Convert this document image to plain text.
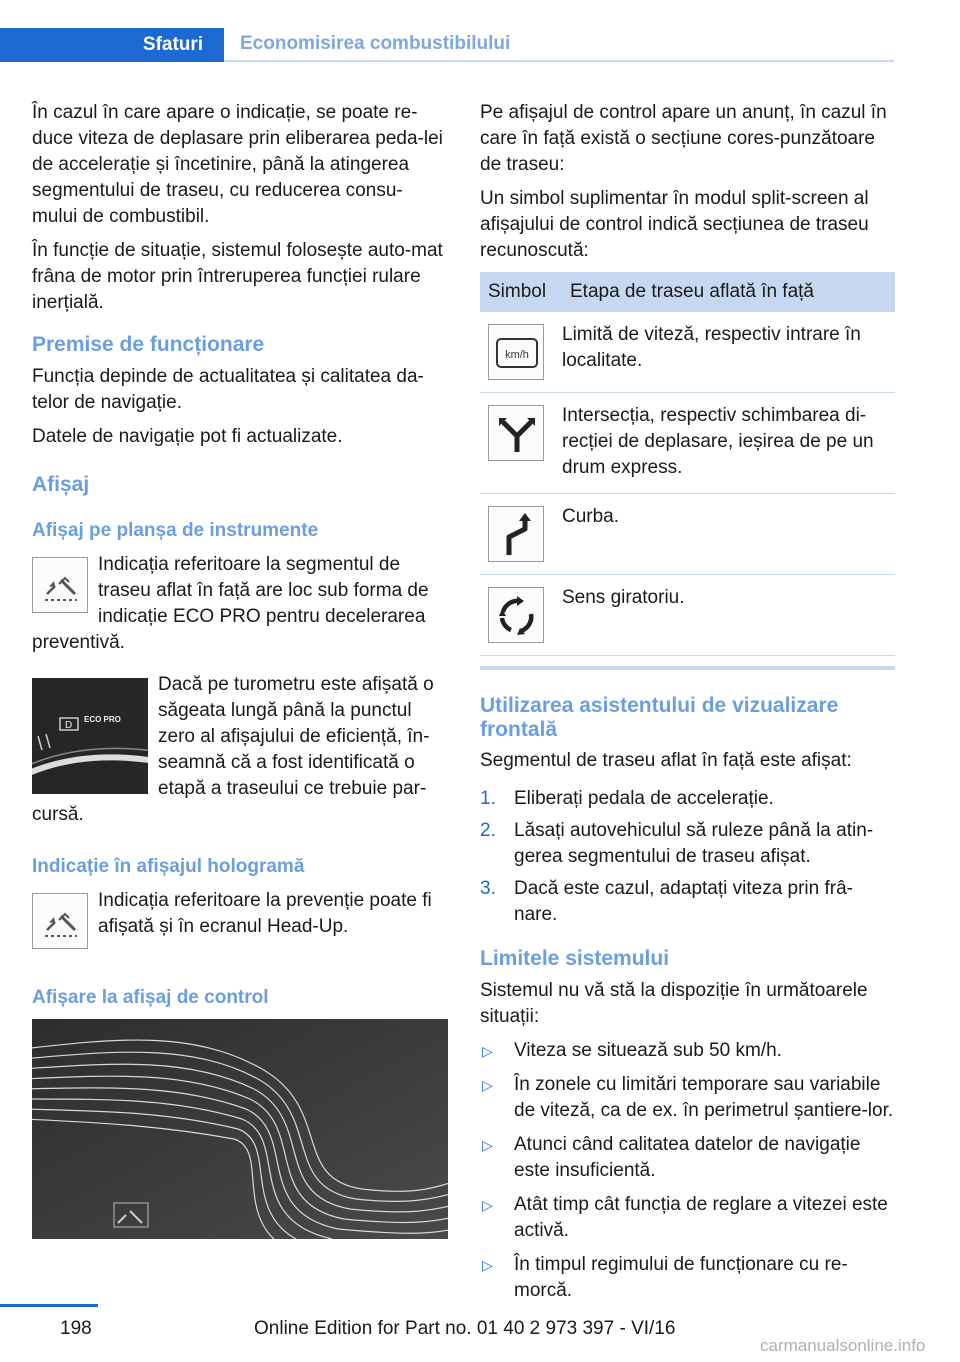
Sfaturi	Economisirea combustibilului

În cazul în care apare o indicație, se poate re-duce viteza de deplasare prin eliberarea peda-lei de accelerație și încetinire, până la atingerea segmentului de traseu, cu reducerea consu-mului de combustibil.

În funcție de situație, sistemul folosește auto-mat frâna de motor prin întreruperea funcției rulare inerțială.

Premise de funcționare

Funcția depinde de actualitatea și calitatea da-telor de navigație.

Datele de navigație pot fi actualizate.

Afișaj
Afișaj pe planșa de instrumente
Indicația referitoare la segmentul de traseu aflat în față are loc sub forma de indicație ECO PRO pentru decelerarea preventivă.
D
ECO PRO
Dacă pe turometru este afișată o săgeata lungă până la punctul zero al afișajului de eficiență, în-seamnă că a fost identificată o etapă a traseului ce trebuie par-cursă.
Indicație în afișajul hologramă
Indicația referitoare la prevenție poate fi afișată și în ecranul Head-Up.
Afișare la afișaj de control

Pe afișajul de control apare un anunț, în cazul în care în față există o secțiune cores-punzătoare de traseu:

Un simbol suplimentar în modul split-screen al afișajului de control indică secțiunea de traseu recunoscută:

Simbol	Etapa de traseu aflată în față

km/h	Limită de viteză, respectiv intrare în localitate.

	Intersecția, respectiv schimbarea di-recției de deplasare, ieșirea de pe un drum express.

	Curba.

	Sens giratoriu.
Utilizarea asistentului de vizualizare frontală

Segmentul de traseu aflat în față este afișat:

1. Eliberați pedala de accelerație.
2. Lăsați autovehiculul să ruleze până la atin-gerea segmentului de traseu afișat.
3. Dacă este cazul, adaptați viteza prin frâ-nare.
Limitele sistemului

Sistemul nu vă stă la dispoziție în următoarele situații:

▷ Viteza se situează sub 50 km/h.
▷ În zonele cu limitări temporare sau variabile de viteză, ca de ex. în perimetrul șantiere-lor.
▷ Atunci când calitatea datelor de navigație este insuficientă.
▷ Atât timp cât funcția de reglare a vitezei este activă.
▷ În timpul regimului de funcționare cu re-morcă.
198	Online Edition for Part no. 01 40 2 973 397 - VI/16
carmanualsonline.info
